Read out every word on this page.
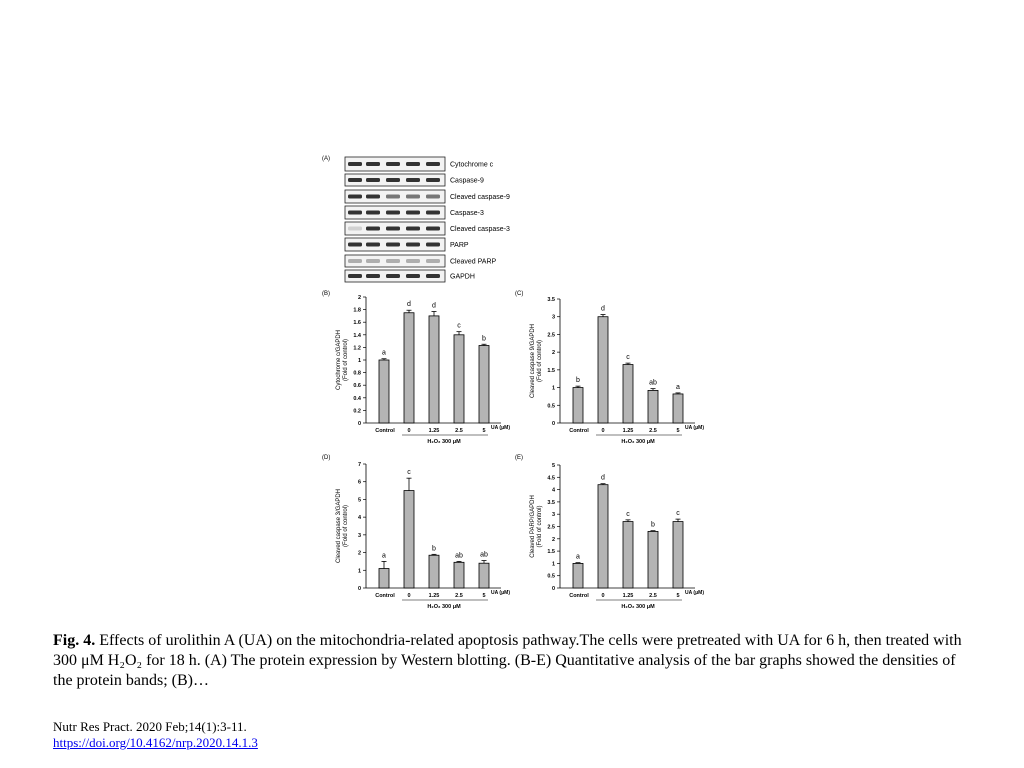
(A)
Cytochrome c
Caspase-9
Cleaved caspase-9
Caspase-3
Cleaved caspase-3
PARP
Cleaved PARP
GAPDH
(B)
0
0.2
0.4
0.6
0.8
1
1.2
1.4
1.6
1.8
2
Cytochrome c/GAPDH (Fold of control)	a
d	d
c
b
Control 0	1.25	2.5	5 UA (μM)
H₂O₂ 300 μM
(C)
0
0.5
1
1.5
2
2.5
3
3.5
Cleaved caspase 9/GAPDH (Fold of control)	b
d
c
ab
a
Control 0	1.25	2.5	5 UA (μM)
H₂O₂ 300 μM
(D)
0
1
2
3
4
5
6
7
Cleaved caspase 3/GAPDH (Fold of control)
a
c
b
ab ab
Control 0	1.25	2.5	5 UA (μM)
H₂O₂ 300 μM
(E)
0
0.5
1
1.5
2
2.5
3
3.5
4
4.5
5
Cleaved PARP/GAPDH (Fold of control)
a
d
c
b
c
Control 0	1.25	2.5	5 UA (μM)
H₂O₂ 300 μM
Fig. 4. Effects of urolithin A (UA) on the mitochondria-related apoptosis pathway.The cells were pretreated with UA for 6 h, then treated with 300 μM H₂O₂ for 18 h. (A) The protein expression by Western blotting. (B-E) Quantitative analysis of the bar graphs showed the densities of the protein bands; (B)…
Nutr Res Pract. 2020 Feb;14(1):3-11.
https://doi.org/10.4162/nrp.2020.14.1.3
